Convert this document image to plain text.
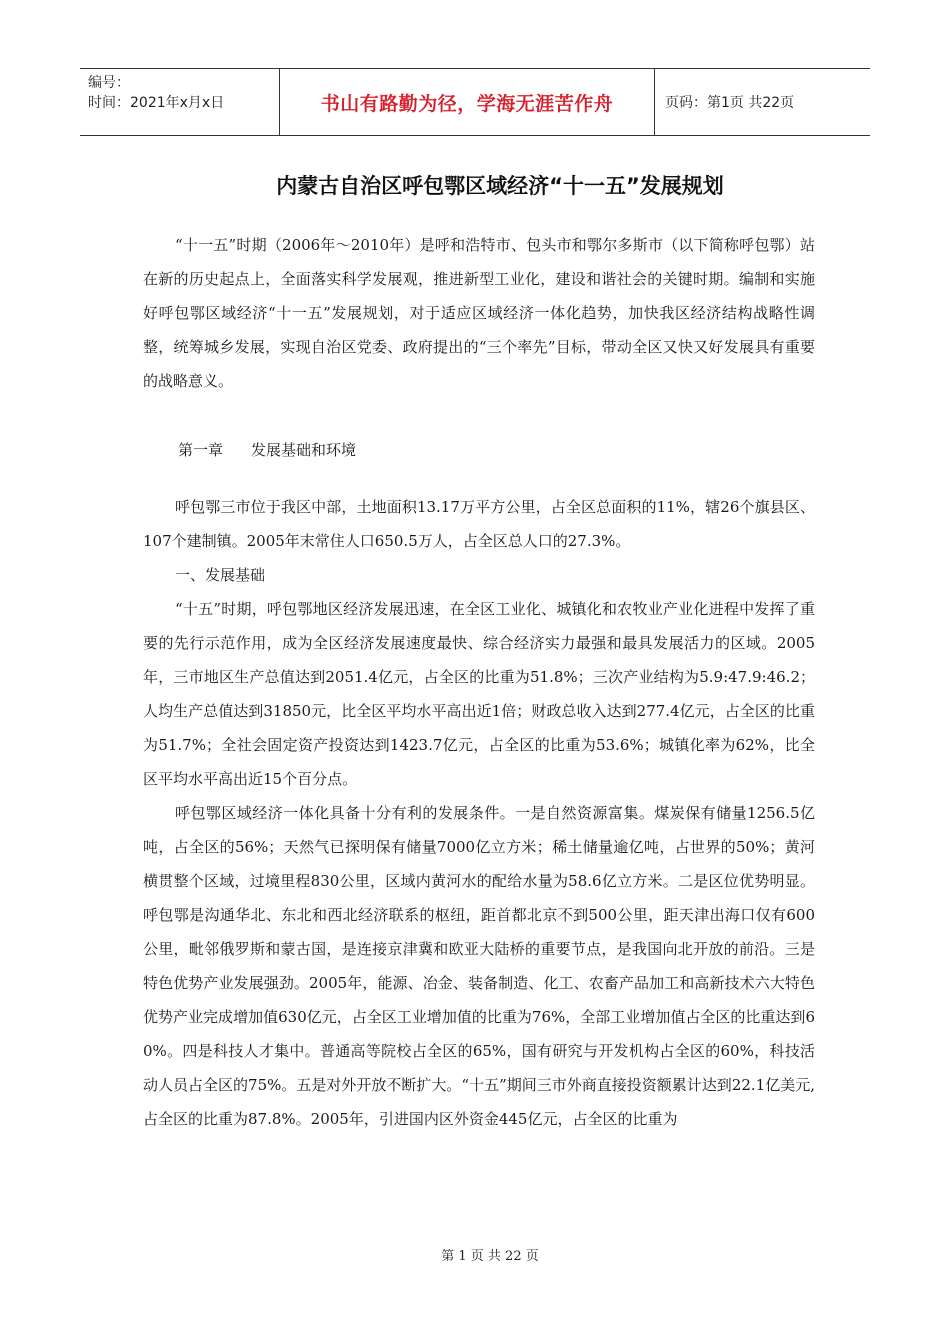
编号：
时间：2021年x月x日	书山有路勤为径，学海无涯苦作舟	页码：第1页 共22页
内蒙古自治区呼包鄂区域经济“十一五”发展规划

“十一五”时期（2006年～2010年）是呼和浩特市、包头市和鄂尔多斯市（以下简称呼包鄂）站在新的历史起点上，全面落实科学发展观，推进新型工业化，建设和谐社会的关键时期。编制和实施好呼包鄂区域经济“十一五”发展规划，对于适应区域经济一体化趋势，加快我区经济结构战略性调整，统筹城乡发展，实现自治区党委、政府提出的“三个率先”目标，带动全区又快又好发展具有重要的战略意义。

第一章 发展基础和环境

呼包鄂三市位于我区中部，土地面积13.17万平方公里，占全区总面积的11%，辖26个旗县区、107个建制镇。2005年末常住人口650.5万人，占全区总人口的27.3%。

一、发展基础

“十五”时期，呼包鄂地区经济发展迅速，在全区工业化、城镇化和农牧业产业化进程中发挥了重要的先行示范作用，成为全区经济发展速度最快、综合经济实力最强和最具发展活力的区域。2005年，三市地区生产总值达到2051.4亿元，占全区的比重为51.8%；三次产业结构为5.9:47.9:46.2；人均生产总值达到31850元，比全区平均水平高出近1倍；财政总收入达到277.4亿元，占全区的比重为51.7%；全社会固定资产投资达到1423.7亿元，占全区的比重为53.6%；城镇化率为62%，比全区平均水平高出近15个百分点。

呼包鄂区域经济一体化具备十分有利的发展条件。一是自然资源富集。煤炭保有储量1256.5亿吨，占全区的56%；天然气已探明保有储量7000亿立方米；稀土储量逾亿吨，占世界的50%；黄河横贯整个区域，过境里程830公里，区域内黄河水的配给水量为58.6亿立方米。二是区位优势明显。呼包鄂是沟通华北、东北和西北经济联系的枢纽，距首都北京不到500公里，距天津出海口仅有600公里，毗邻俄罗斯和蒙古国，是连接京津冀和欧亚大陆桥的重要节点，是我国向北开放的前沿。三是特色优势产业发展强劲。2005年，能源、冶金、装备制造、化工、农畜产品加工和高新技术六大特色优势产业完成增加值630亿元，占全区工业增加值的比重为76%，全部工业增加值占全区的比重达到60%。四是科技人才集中。普通高等院校占全区的65%，国有研究与开发机构占全区的60%，科技活动人员占全区的75%。五是对外开放不断扩大。“十五”期间三市外商直接投资额累计达到22.1亿美元,占全区的比重为87.8%。2005年，引进国内区外资金445亿元，占全区的比重为

第 1 页 共 22 页
